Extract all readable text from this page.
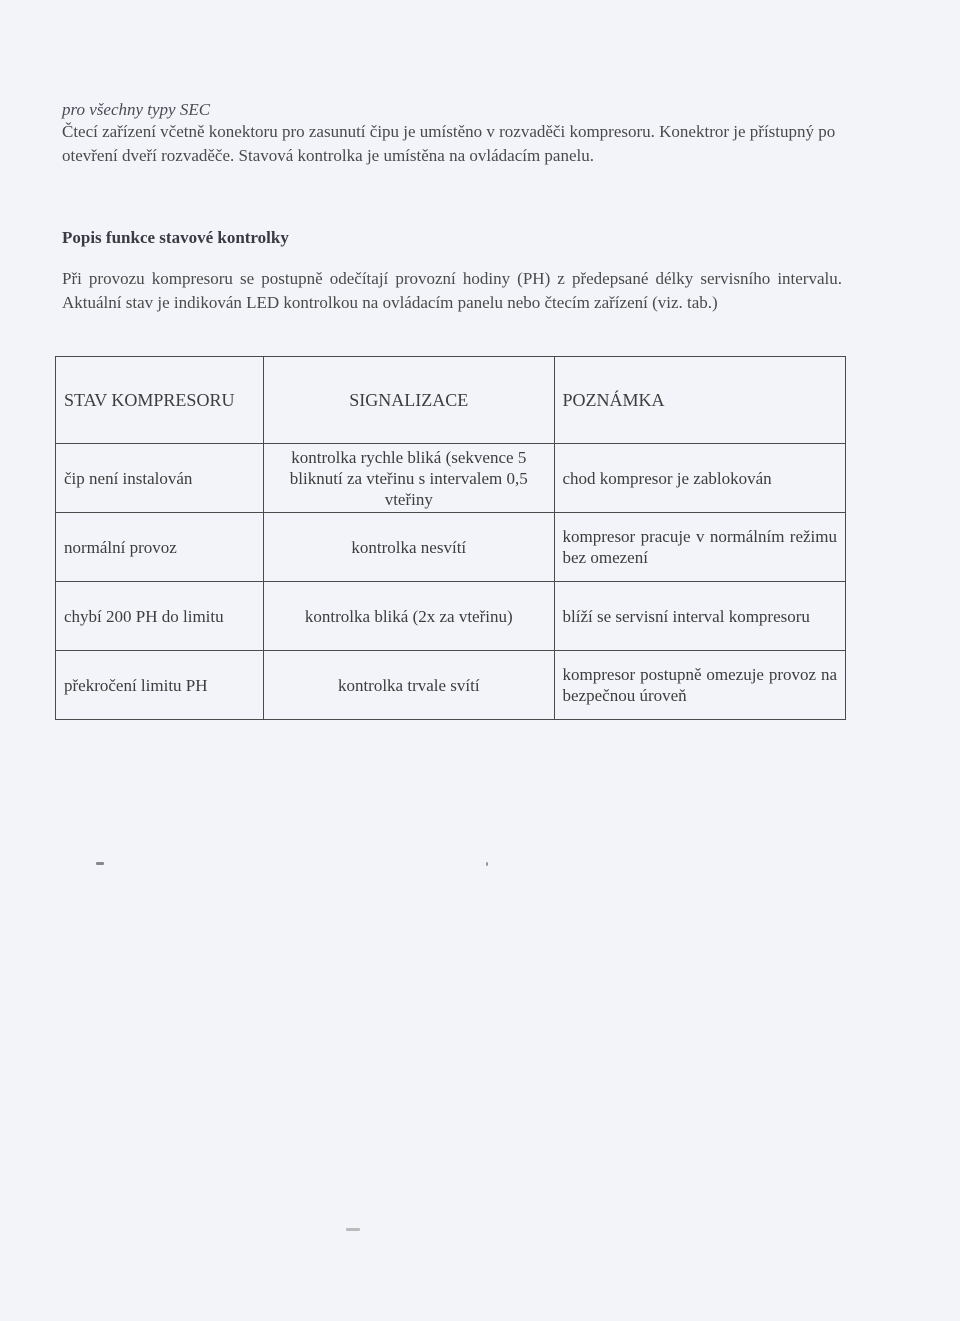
pro všechny typy SEC
Čtecí zařízení včetně konektoru pro zasunutí čipu je umístěno v rozvaděči kompresoru. Konektror je přístupný po otevření dveří rozvaděče. Stavová kontrolka je umístěna na ovládacím panelu.
Popis funkce stavové kontrolky

Při provozu kompresoru se postupně odečítají provozní hodiny (PH) z předepsané délky servisního intervalu. Aktuální stav je indikován LED kontrolkou na ovládacím panelu nebo čtecím zařízení (viz. tab.)

STAV KOMPRESORU	SIGNALIZACE	POZNÁMKA
čip není instalován	kontrolka rychle bliká (sekvence 5 bliknutí za vteřinu s intervalem 0,5 vteřiny	chod kompresor je zablokován
normální provoz	kontrolka nesvítí	kompresor pracuje v normálním režimu bez omezení
chybí 200 PH do limitu	kontrolka bliká (2x za vteřinu)	blíží se servisní interval kompresoru
překročení limitu PH	kontrolka trvale svítí	kompresor postupně omezuje provoz na bezpečnou úroveň
